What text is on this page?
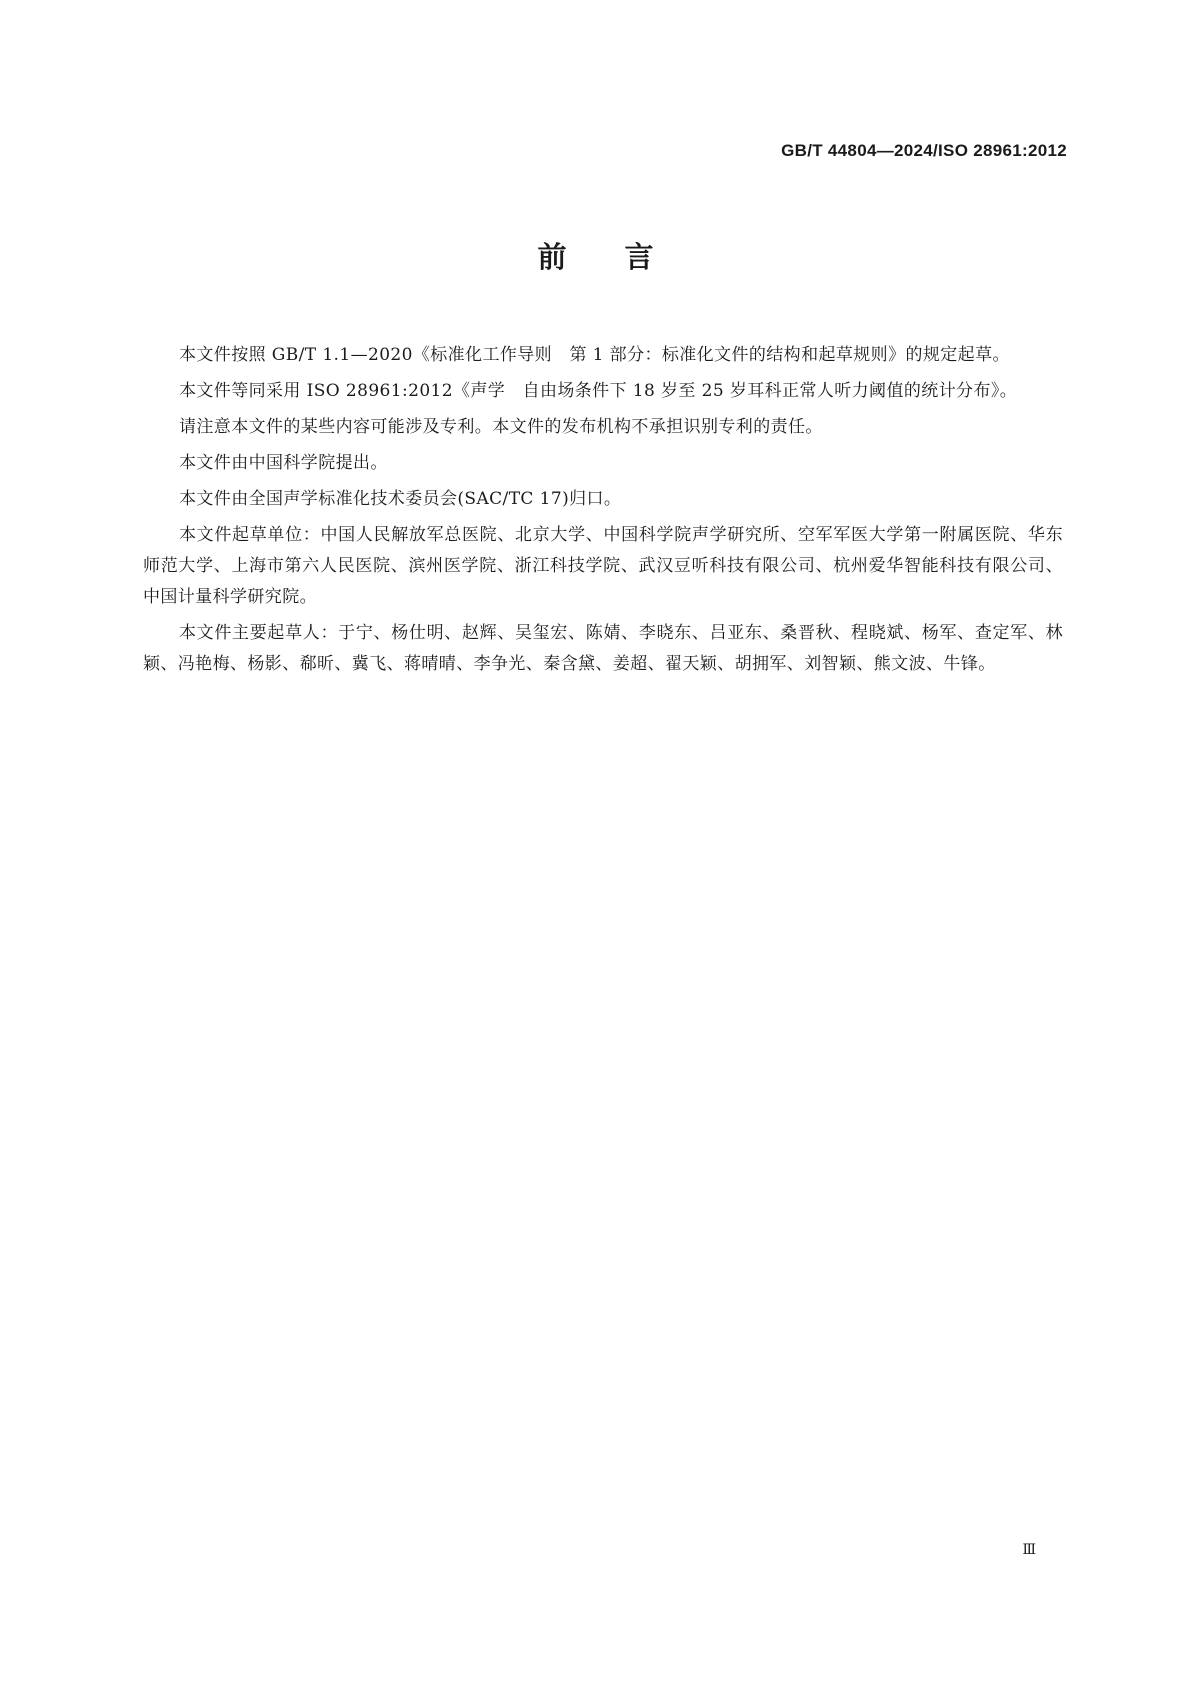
GB/T 44804—2024/ISO 28961:2012
前言

本文件按照 GB/T 1.1—2020《标准化工作导则　第 1 部分：标准化文件的结构和起草规则》的规定起草。

本文件等同采用 ISO 28961:2012《声学　自由场条件下 18 岁至 25 岁耳科正常人听力阈值的统计分布》。

请注意本文件的某些内容可能涉及专利。本文件的发布机构不承担识别专利的责任。

本文件由中国科学院提出。

本文件由全国声学标准化技术委员会(SAC/TC 17)归口。

本文件起草单位：中国人民解放军总医院、北京大学、中国科学院声学研究所、空军军医大学第一附属医院、华东师范大学、上海市第六人民医院、滨州医学院、浙江科技学院、武汉豆听科技有限公司、杭州爱华智能科技有限公司、中国计量科学研究院。

本文件主要起草人：于宁、杨仕明、赵辉、吴玺宏、陈婧、李晓东、吕亚东、桑晋秋、程晓斌、杨军、查定军、林颖、冯艳梅、杨影、郗昕、冀飞、蒋晴晴、李争光、秦含黛、姜超、翟天颖、胡拥军、刘智颖、熊文波、牛锋。

Ⅲ
